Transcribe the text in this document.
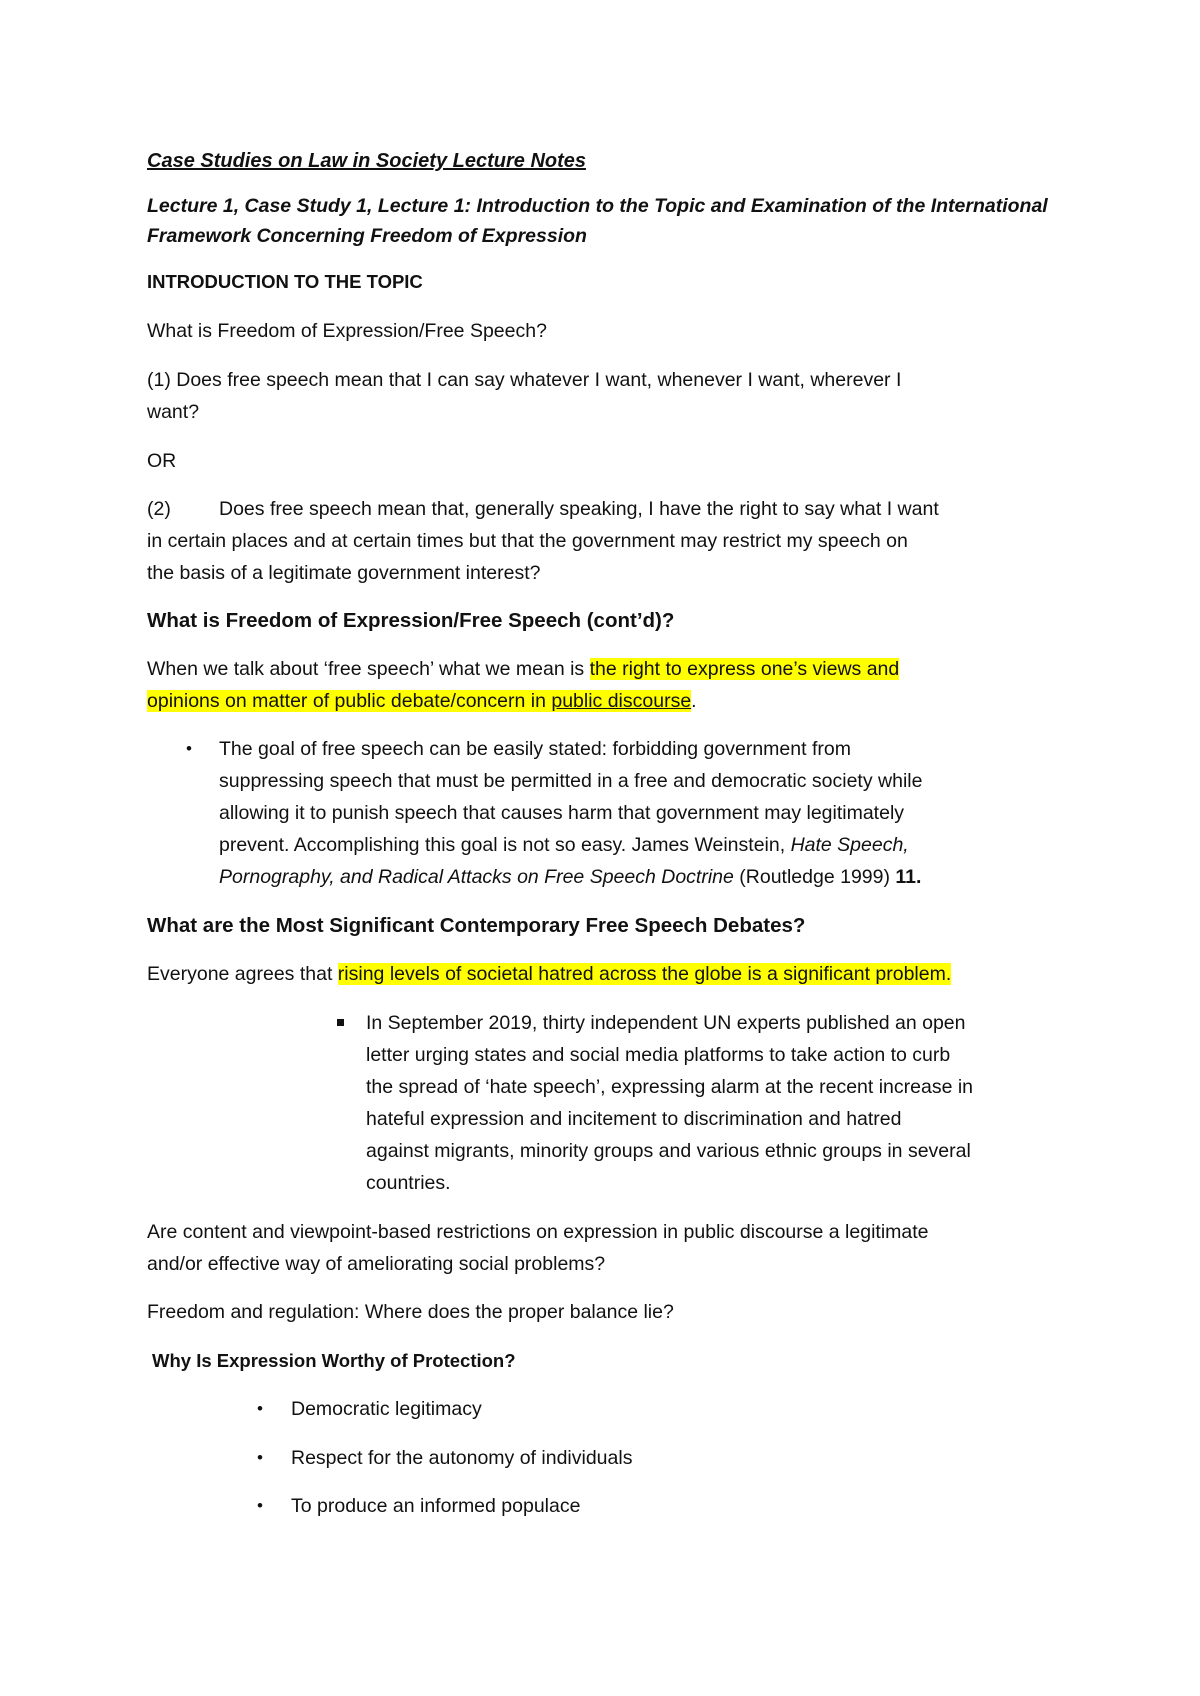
Case Studies on Law in Society Lecture Notes

Lecture 1, Case Study 1, Lecture 1: Introduction to the Topic and Examination of the International

Framework Concerning Freedom of Expression

INTRODUCTION TO THE TOPIC

What is Freedom of Expression/Free Speech?

(1) Does free speech mean that I can say whatever I want, whenever I want, wherever I

want?

OR

(2) Does free speech mean that, generally speaking, I have the right to say what I want

in certain places and at certain times but that the government may restrict my speech on

the basis of a legitimate government interest?

What is Freedom of Expression/Free Speech (cont’d)?

When we talk about ‘free speech’ what we mean is the right to express one’s views and

opinions on matter of public debate/concern in public discourse.

• The goal of free speech can be easily stated: forbidding government from

suppressing speech that must be permitted in a free and democratic society while

allowing it to punish speech that causes harm that government may legitimately

prevent. Accomplishing this goal is not so easy. James Weinstein, Hate Speech,

Pornography, and Radical Attacks on Free Speech Doctrine (Routledge 1999) 11.

What are the Most Significant Contemporary Free Speech Debates?

Everyone agrees that rising levels of societal hatred across the globe is a significant problem.

In September 2019, thirty independent UN experts published an open

letter urging states and social media platforms to take action to curb

the spread of ‘hate speech’, expressing alarm at the recent increase in

hateful expression and incitement to discrimination and hatred

against migrants, minority groups and various ethnic groups in several

countries.

Are content and viewpoint-based restrictions on expression in public discourse a legitimate

and/or effective way of ameliorating social problems?

Freedom and regulation: Where does the proper balance lie?

Why Is Expression Worthy of Protection?

• Democratic legitimacy

• Respect for the autonomy of individuals

• To produce an informed populace
